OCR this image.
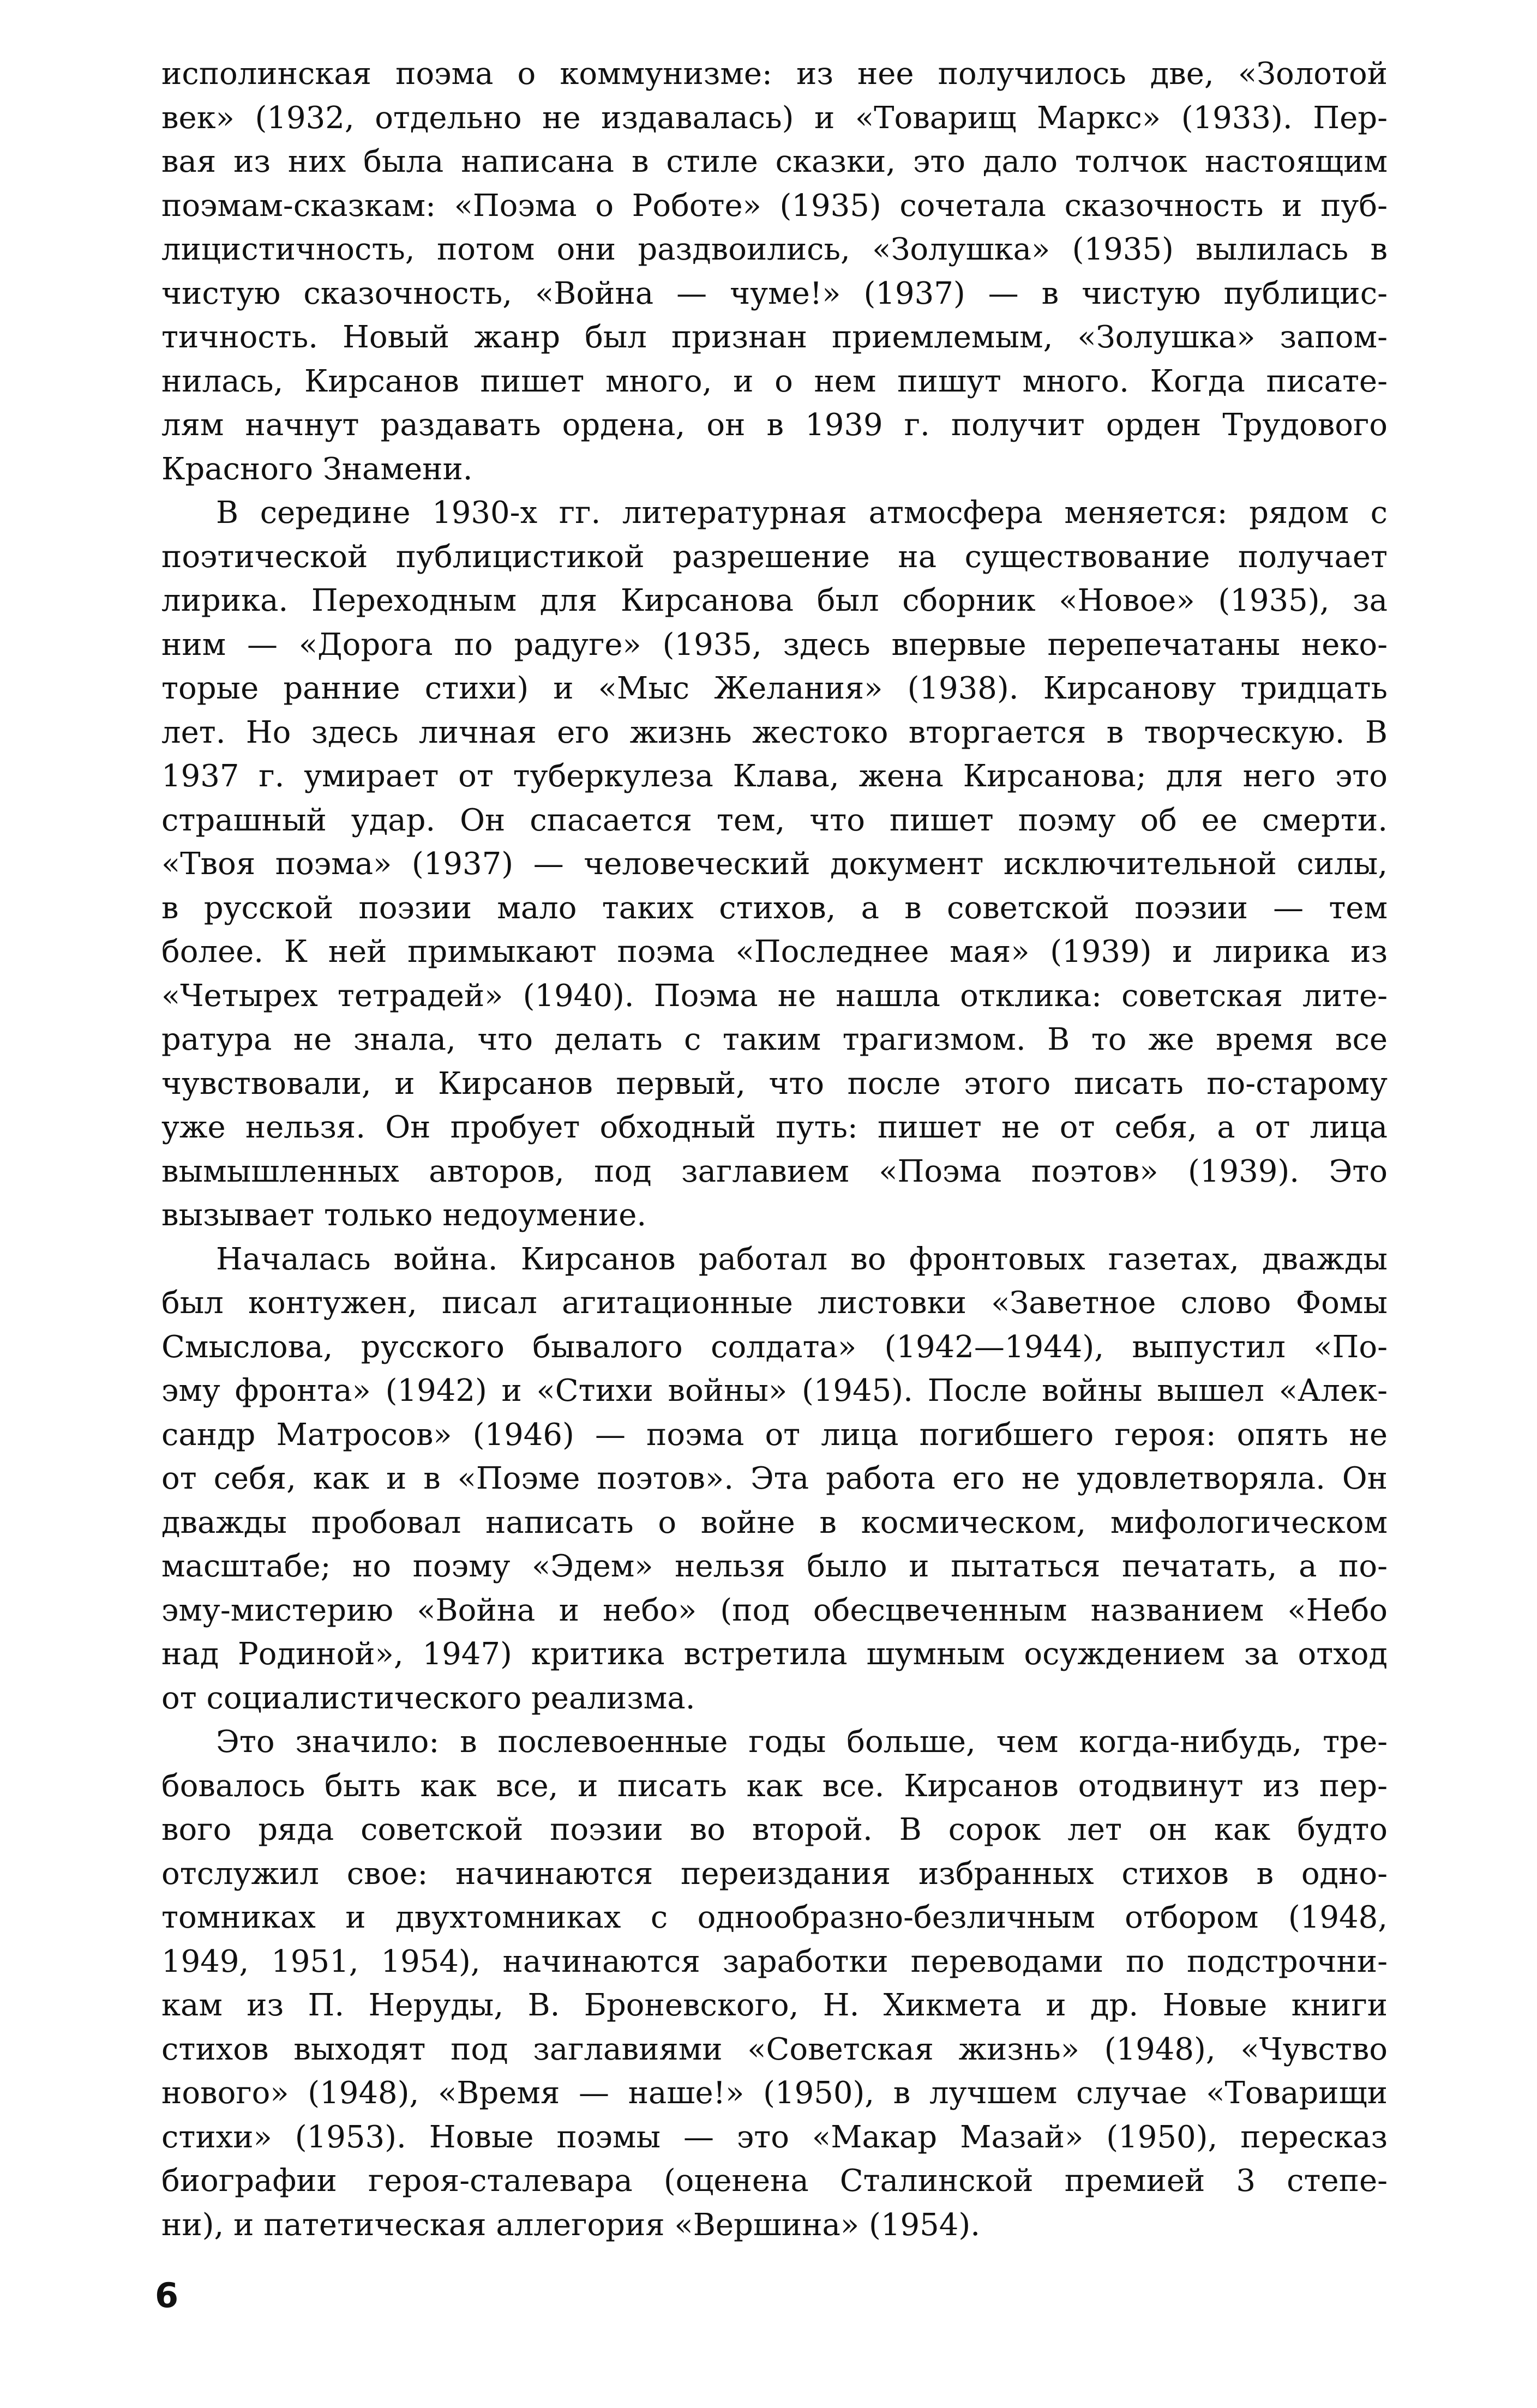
исполинская поэма о коммунизме: из нее получилось две, «Золотой
век» (1932, отдельно не издавалась) и «Товарищ Маркс» (1933). Пер-
вая из них была написана в стиле сказки, это дало толчок настоящим
поэмам-сказкам: «Поэма о Роботе» (1935) сочетала сказочность и пуб-
лицистичность, потом они раздвоились, «Золушка» (1935) вылилась в
чистую сказочность, «Война — чуме!» (1937) — в чистую публицис-
тичность. Новый жанр был признан приемлемым, «Золушка» запом-
нилась, Кирсанов пишет много, и о нем пишут много. Когда писате-
лям начнут раздавать ордена, он в 1939 г. получит орден Трудового
Красного Знамени.
В середине 1930-х гг. литературная атмосфера меняется: рядом с
поэтической публицистикой разрешение на существование получает
лирика. Переходным для Кирсанова был сборник «Новое» (1935), за
ним — «Дорога по радуге» (1935, здесь впервые перепечатаны неко-
торые ранние стихи) и «Мыс Желания» (1938). Кирсанову тридцать
лет. Но здесь личная его жизнь жестоко вторгается в творческую. В
1937 г. умирает от туберкулеза Клава, жена Кирсанова; для него это
страшный удар. Он спасается тем, что пишет поэму об ее смерти.
«Твоя поэма» (1937) — человеческий документ исключительной силы,
в русской поэзии мало таких стихов, а в советской поэзии — тем
более. К ней примыкают поэма «Последнее мая» (1939) и лирика из
«Четырех тетрадей» (1940). Поэма не нашла отклика: советская лите-
ратура не знала, что делать с таким трагизмом. В то же время все
чувствовали, и Кирсанов первый, что после этого писать по-старому
уже нельзя. Он пробует обходный путь: пишет не от себя, а от лица
вымышленных авторов, под заглавием «Поэма поэтов» (1939). Это
вызывает только недоумение.
Началась война. Кирсанов работал во фронтовых газетах, дважды
был контужен, писал агитационные листовки «Заветное слово Фомы
Смыслова, русского бывалого солдата» (1942—1944), выпустил «По-
эму фронта» (1942) и «Стихи войны» (1945). После войны вышел «Алек-
сандр Матросов» (1946) — поэма от лица погибшего героя: опять не
от себя, как и в «Поэме поэтов». Эта работа его не удовлетворяла. Он
дважды пробовал написать о войне в космическом, мифологическом
масштабе; но поэму «Эдем» нельзя было и пытаться печатать, а по-
эму-мистерию «Война и небо» (под обесцвеченным названием «Небо
над Родиной», 1947) критика встретила шумным осуждением за отход
от социалистического реализма.
Это значило: в послевоенные годы больше, чем когда-нибудь, тре-
бовалось быть как все, и писать как все. Кирсанов отодвинут из пер-
вого ряда советской поэзии во второй. В сорок лет он как будто
отслужил свое: начинаются переиздания избранных стихов в одно-
томниках и двухтомниках с однообразно-безличным отбором (1948,
1949, 1951, 1954), начинаются заработки переводами по подстрочни-
кам из П. Неруды, В. Броневского, Н. Хикмета и др. Новые книги
стихов выходят под заглавиями «Советская жизнь» (1948), «Чувство
нового» (1948), «Время — наше!» (1950), в лучшем случае «Товарищи
стихи» (1953). Новые поэмы — это «Макар Мазай» (1950), пересказ
биографии героя-сталевара (оценена Сталинской премией 3 степе-
ни), и патетическая аллегория «Вершина» (1954).
6
